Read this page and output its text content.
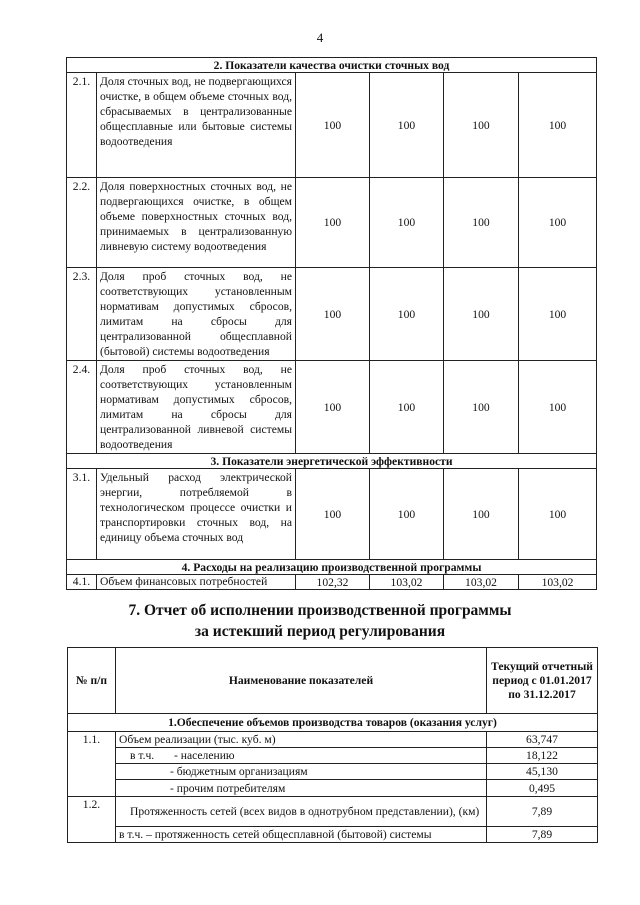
4
2. Показатели качества очистки сточных вод					
2.1.	Доля сточных вод, не подвергающихся очистке, в общем объеме сточных вод, сбрасываемых в централизованные общесплавные или бытовые системы водоотведения	100	100	100	100
2.2.	Доля поверхностных сточных вод, не подвергающихся очистке, в общем объеме поверхностных сточных вод, принимаемых в централизованную ливневую систему водоотведения	100	100	100	100
2.3.	Доля проб сточных вод, не соответствующих установленным нормативам допустимых сбросов, лимитам на сбросы для централизованной общесплавной (бытовой) системы водоотведения	100	100	100	100
2.4.	Доля проб сточных вод, не соответствующих установленным нормативам допустимых сбросов, лимитам на сбросы для централизованной ливневой системы водоотведения	100	100	100	100
3. Показатели энергетической эффективности					
3.1.	Удельный расход электрической энергии, потребляемой в технологическом процессе очистки и транспортировки сточных вод, на единицу объема сточных вод	100	100	100	100
4. Расходы на реализацию производственной программы					
4.1.	Объем финансовых потребностей	102,32	103,02	103,02	103,02
7. Отчет об исполнении производственной программы
за истекший период регулирования
№ п/п	Наименование показателей	Текущий отчетный период с 01.01.2017 по 31.12.2017
1.Обеспечение объемов производства товаров (оказания услуг)		
1.1.	Объем реализации (тыс. куб. м)	63,747
	в т.ч. - населению	18,122
	- бюджетным организациям	45,130
	- прочим потребителям	0,495
1.2.	Протяженность сетей (всех видов в однотрубном представлении), (км)	7,89
	в т.ч. – протяженность сетей общесплавной (бытовой) системы	7,89
